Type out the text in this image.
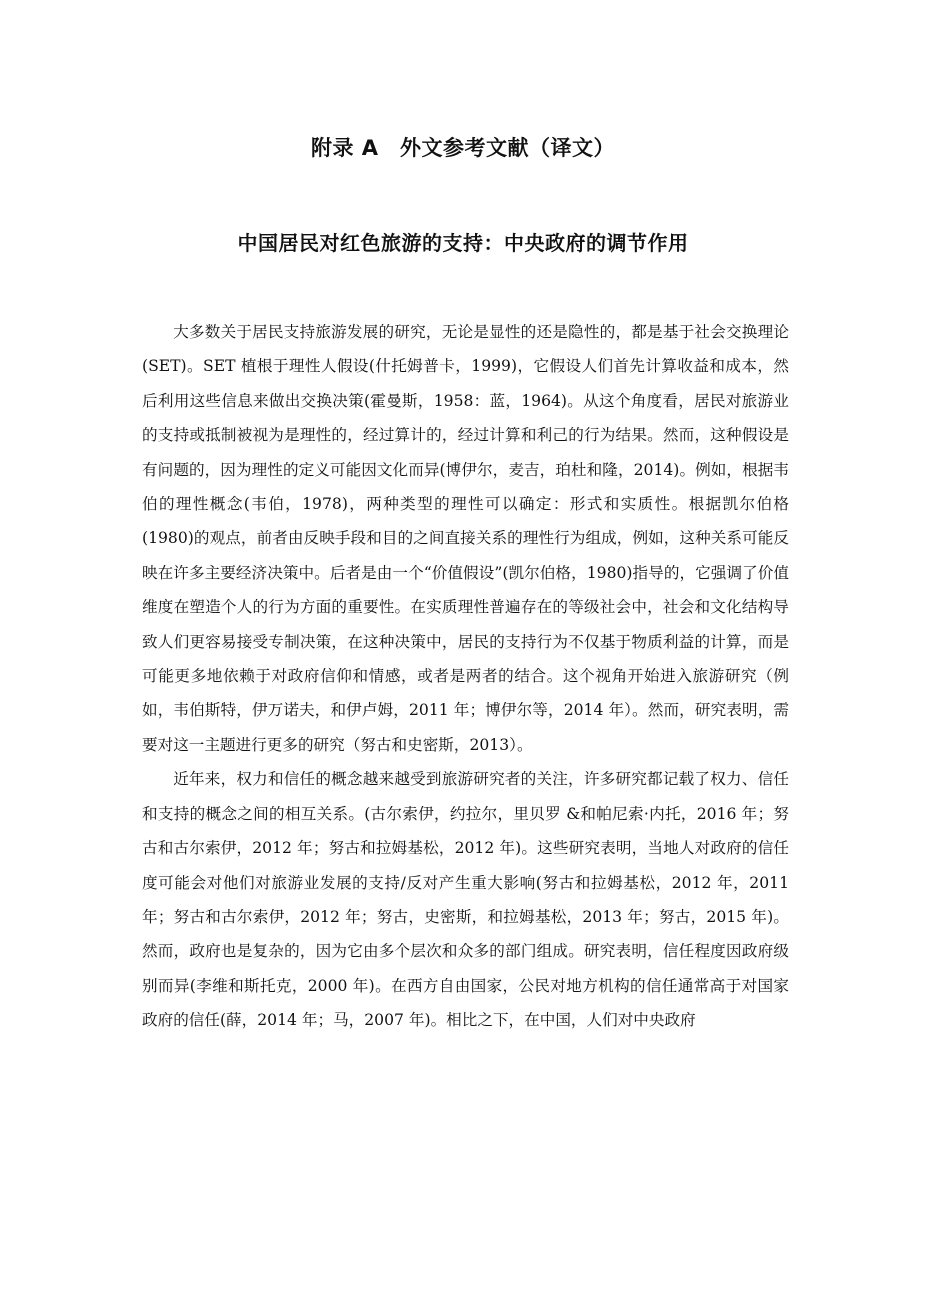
附录 A　外文参考文献（译文）
中国居民对红色旅游的支持：中央政府的调节作用

大多数关于居民支持旅游发展的研究，无论是显性的还是隐性的，都是基于社会交换理论(SET)。SET 植根于理性人假设(什托姆普卡，1999)，它假设人们首先计算收益和成本，然后利用这些信息来做出交换决策(霍曼斯，1958：蓝，1964)。从这个角度看，居民对旅游业的支持或抵制被视为是理性的，经过算计的，经过计算和利己的行为结果。然而，这种假设是有问题的，因为理性的定义可能因文化而异(博伊尔，麦吉，珀杜和隆，2014)。例如，根据韦伯的理性概念(韦伯，1978)，两种类型的理性可以确定：形式和实质性。根据凯尔伯格(1980)的观点，前者由反映手段和目的之间直接关系的理性行为组成，例如，这种关系可能反映在许多主要经济决策中。后者是由一个“价值假设”(凯尔伯格，1980)指导的，它强调了价值维度在塑造个人的行为方面的重要性。在实质理性普遍存在的等级社会中，社会和文化结构导致人们更容易接受专制决策，在这种决策中，居民的支持行为不仅基于物质利益的计算，而是可能更多地依赖于对政府信仰和情感，或者是两者的结合。这个视角开始进入旅游研究（例如，韦伯斯特，伊万诺夫，和伊卢姆，2011 年；博伊尔等，2014 年）。然而，研究表明，需要对这一主题进行更多的研究（努古和史密斯，2013）。

近年来，权力和信任的概念越来越受到旅游研究者的关注，许多研究都记载了权力、信任和支持的概念之间的相互关系。(古尔索伊，约拉尔，里贝罗 &和帕尼索·内托，2016 年；努古和古尔索伊，2012 年；努古和拉姆基松，2012 年)。这些研究表明，当地人对政府的信任度可能会对他们对旅游业发展的支持/反对产生重大影响(努古和拉姆基松，2012 年，2011 年；努古和古尔索伊，2012 年；努古，史密斯，和拉姆基松，2013 年；努古，2015 年)。然而，政府也是复杂的，因为它由多个层次和众多的部门组成。研究表明，信任程度因政府级别而异(李维和斯托克，2000 年)。在西方自由国家，公民对地方机构的信任通常高于对国家政府的信任(薛，2014 年；马，2007 年)。相比之下，在中国，人们对中央政府
